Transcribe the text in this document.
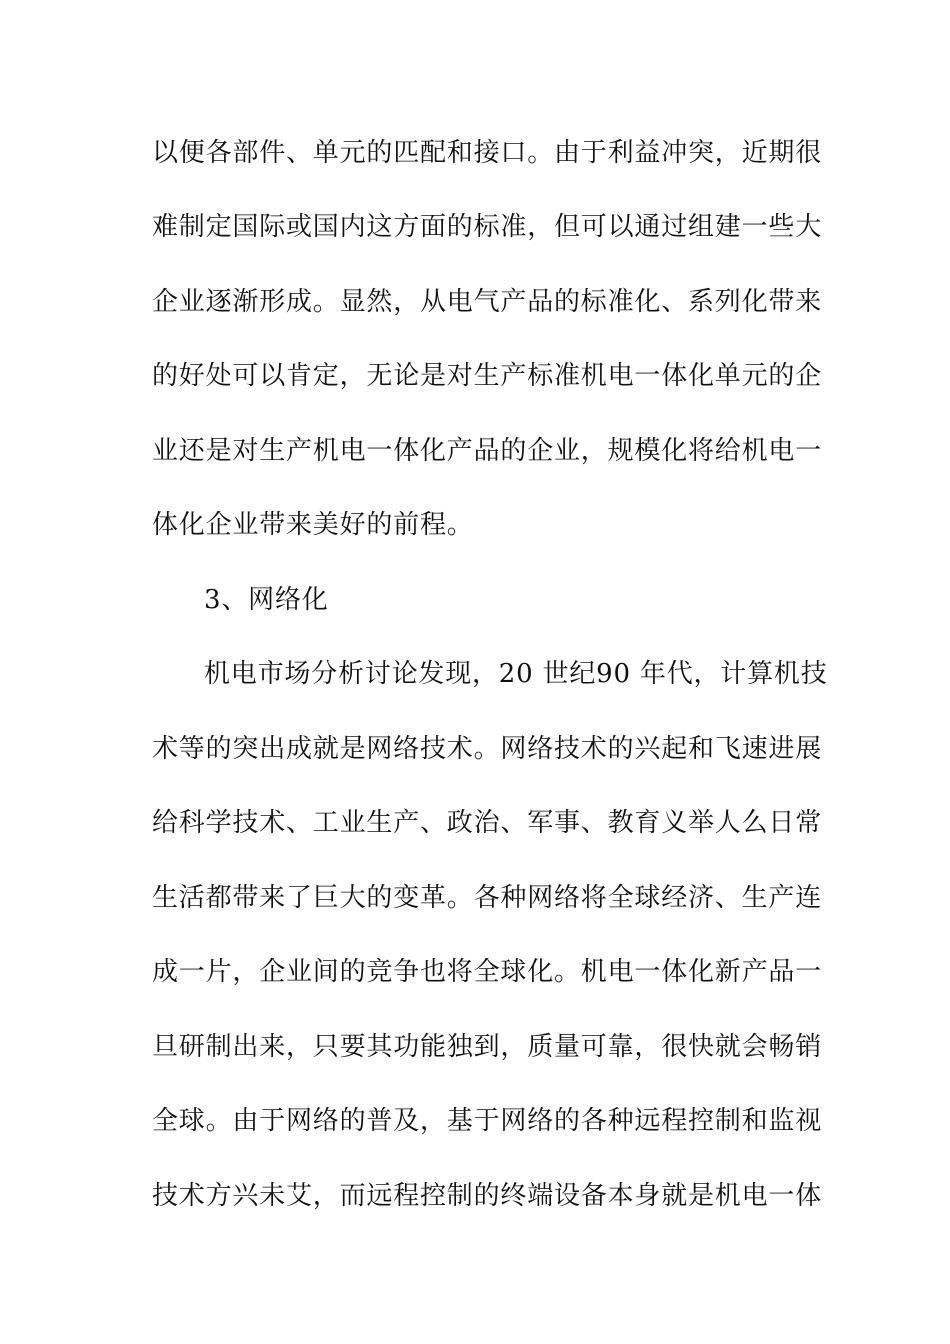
以便各部件、单元的匹配和接口。由于利益冲突，近期很
难制定国际或国内这方面的标准，但可以通过组建一些大
企业逐渐形成。显然，从电气产品的标准化、系列化带来
的好处可以肯定，无论是对生产标准机电一体化单元的企
业还是对生产机电一体化产品的企业，规模化将给机电一
体化企业带来美好的前程。
3、网络化
机电市场分析讨论发现，20 世纪90 年代，计算机技
术等的突出成就是网络技术。网络技术的兴起和飞速进展
给科学技术、工业生产、政治、军事、教育义举人么日常
生活都带来了巨大的变革。各种网络将全球经济、生产连
成一片，企业间的竞争也将全球化。机电一体化新产品一
旦研制出来，只要其功能独到，质量可靠，很快就会畅销
全球。由于网络的普及，基于网络的各种远程控制和监视
技术方兴未艾，而远程控制的终端设备本身就是机电一体
